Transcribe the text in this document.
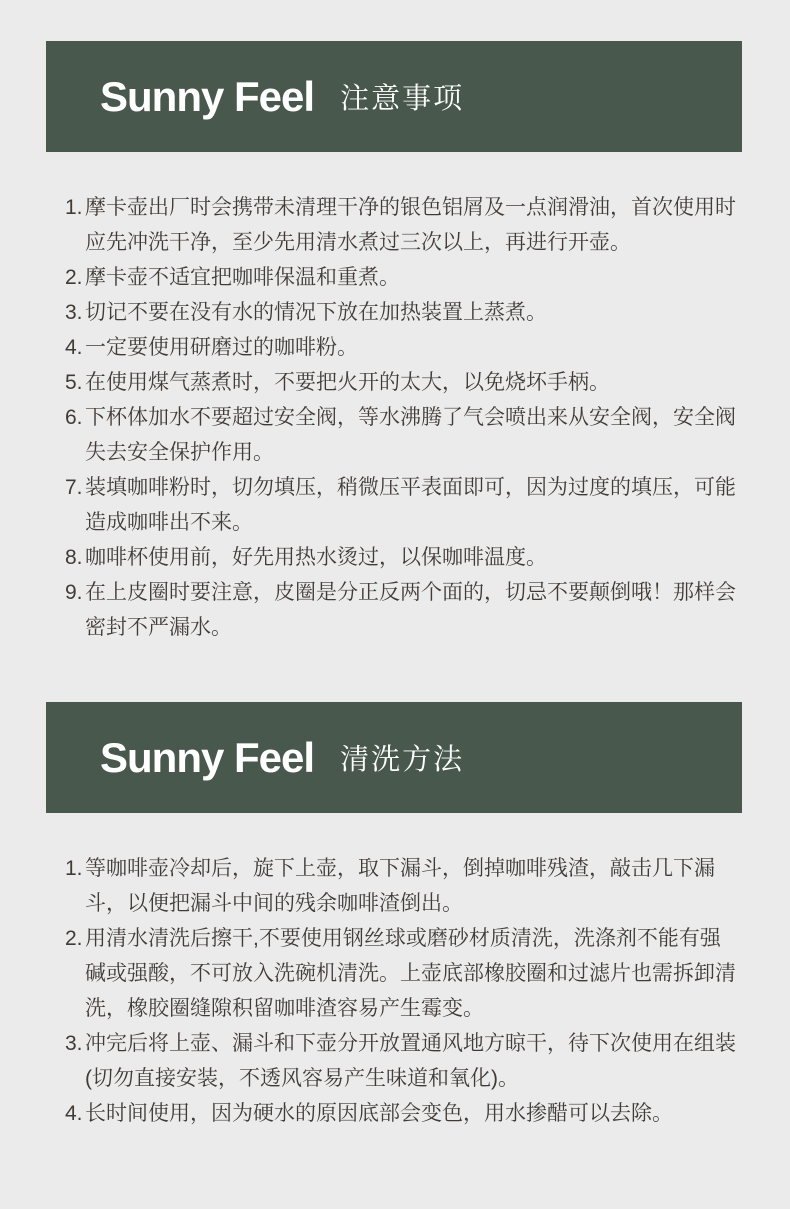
Sunny Feel 注意事项
1. 摩卡壶出厂时会携带未清理干净的银色铝屑及一点润滑油，首次使用时应先冲洗干净，至少先用清水煮过三次以上，再进行开壶。
2. 摩卡壶不适宜把咖啡保温和重煮。
3. 切记不要在没有水的情况下放在加热装置上蒸煮。
4. 一定要使用研磨过的咖啡粉。
5. 在使用煤气蒸煮时，不要把火开的太大，以免烧坏手柄。
6. 下杯体加水不要超过安全阀，等水沸腾了气会喷出来从安全阀，安全阀失去安全保护作用。
7. 装填咖啡粉时，切勿填压，稍微压平表面即可，因为过度的填压，可能造成咖啡出不来。
8. 咖啡杯使用前，好先用热水烫过，以保咖啡温度。
9. 在上皮圈时要注意，皮圈是分正反两个面的，切忌不要颠倒哦！那样会密封不严漏水。
Sunny Feel 清洗方法
1. 等咖啡壶冷却后，旋下上壶，取下漏斗，倒掉咖啡残渣，敲击几下漏斗，以便把漏斗中间的残余咖啡渣倒出。
2. 用清水清洗后擦干,不要使用钢丝球或磨砂材质清洗，洗涤剂不能有强碱或强酸，不可放入洗碗机清洗。上壶底部橡胶圈和过滤片也需拆卸清洗，橡胶圈缝隙积留咖啡渣容易产生霉变。
3. 冲完后将上壶、漏斗和下壶分开放置通风地方晾干，待下次使用在组装(切勿直接安装，不透风容易产生味道和氧化)。
4. 长时间使用，因为硬水的原因底部会变色，用水掺醋可以去除。
